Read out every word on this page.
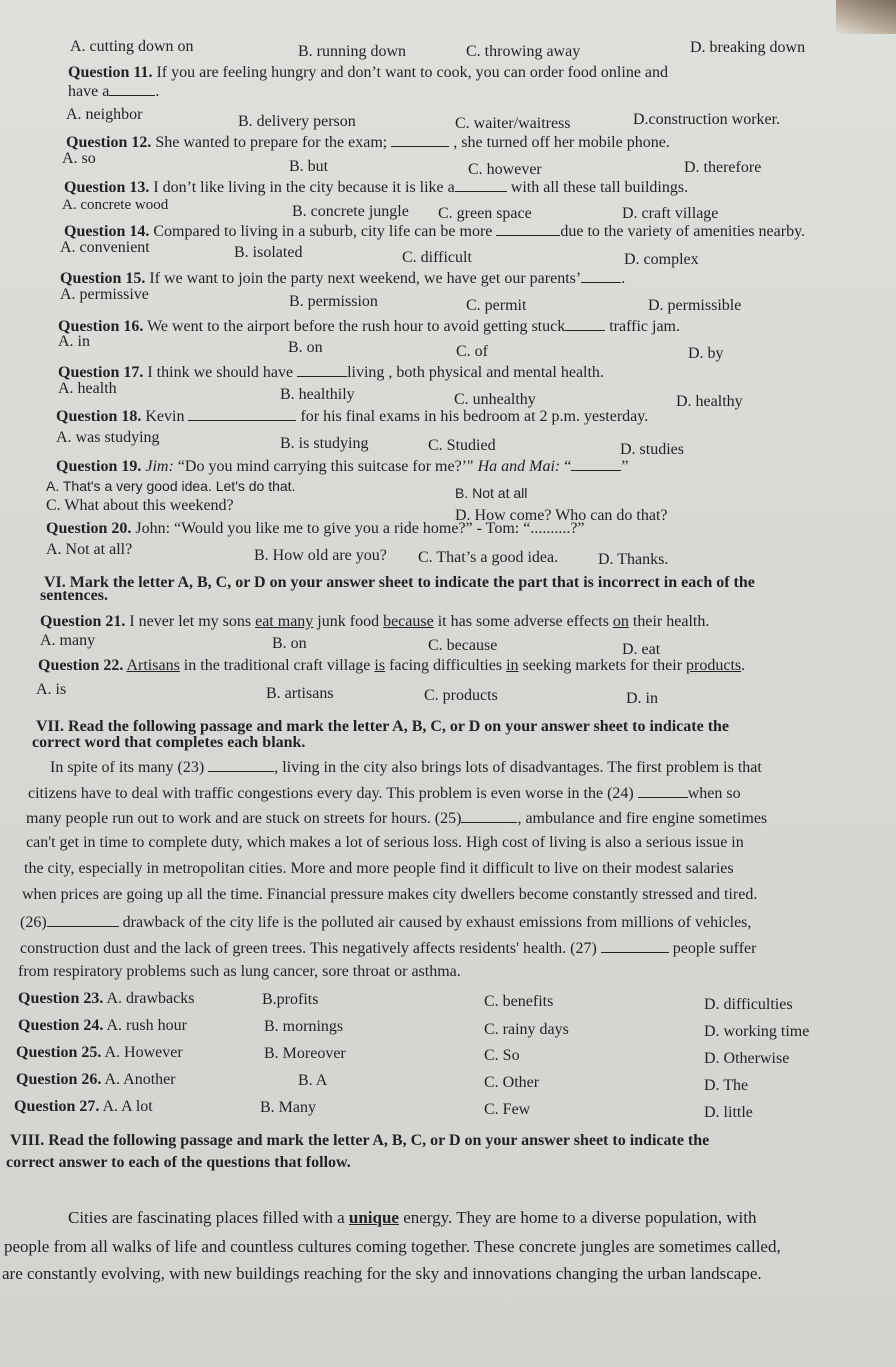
A. cutting down on	B. running down	C. throwing away	D. breaking down
Question 11. If you are feeling hungry and don’t want to cook, you can order food online and
have a	.
A. neighbor	B. delivery person	C. waiter/waitress	D.construction worker.
Question 12. She wanted to prepare for the exam;	, she turned off her mobile phone.
A. so	B. but	C. however	D. therefore
Question 13. I don’t like living in the city because it is like a	with all these tall buildings.
A. concrete wood	B. concrete jungle C. green space	D. craft village
Question 14. Compared to living in a suburb, city life can be more	due to the variety of amenities nearby.
A. convenient	B. isolated	C. difficult	D. complex
Question 15. If we want to join the party next weekend, we have get our parents’	.
A. permissive	B. permission	C. permit	D. permissible
Question 16. We went to the airport before the rush hour to avoid getting stuck	traffic jam.
A. in	B. on	C. of	D. by
Question 17. I think we should have	living , both physical and mental health.
A. health	B. healthily	C. unhealthy	D. healthy
Question 18. Kevin	for his final exams in his bedroom at 2 p.m. yesterday.
A. was studying	B. is studying	C. Studied	D. studies
Question 19. Jim: “Do you mind carrying this suitcase for me?’" Ha and Mai: “	”
A. That's a very good idea. Let's do that.	B. Not at all
C. What about this weekend?
D. How come? Who can do that?
Question 20. John: “Would you like me to give you a ride home?” - Tom: “..........?”
A. Not at all?	B. How old are you? C. That’s a good idea. D. Thanks.
VI. Mark the letter A, B, C, or D on your answer sheet to indicate the part that is incorrect in each of the
sentences.
Question 21. I never let my sons eat many junk food because it has some adverse effects on their health.
A. many	B. on	C. because	D. eat
Question 22. Artisans in the traditional craft village is facing difficulties in seeking markets for their products.
A. is	B. artisans	C. products	D. in
VII. Read the following passage and mark the letter A, B, C, or D on your answer sheet to indicate the
correct word that completes each blank.
In spite of its many (23)	, living in the city also brings lots of disadvantages. The first problem is that
citizens have to deal with traffic congestions every day. This problem is even worse in the (24)	when so
many people run out to work and are stuck on streets for hours. (25)	, ambulance and fire engine sometimes
can't get in time to complete duty, which makes a lot of serious loss. High cost of living is also a serious issue in
the city, especially in metropolitan cities. More and more people find it difficult to live on their modest salaries
when prices are going up all the time. Financial pressure makes city dwellers become constantly stressed and tired.
(26)	drawback of the city life is the polluted air caused by exhaust emissions from millions of vehicles,
construction dust and the lack of green trees. This negatively affects residents' health. (27)	people suffer
from respiratory problems such as lung cancer, sore throat or asthma.
Question 23. A. drawbacks	B.profits	C. benefits	D. difficulties
Question 24. A. rush hour	B. mornings	C. rainy days	D. working time
Question 25. A. However	B. Moreover	C. So	D. Otherwise
Question 26. A. Another	B. A	C. Other	D. The
Question 27. A. A lot	B. Many	C. Few	D. little
VIII. Read the following passage and mark the letter A, B, C, or D on your answer sheet to indicate the
correct answer to each of the questions that follow.
Cities are fascinating places filled with a unique energy. They are home to a diverse population, with
people from all walks of life and countless cultures coming together. These concrete jungles are sometimes called,
are constantly evolving, with new buildings reaching for the sky and innovations changing the urban landscape.
